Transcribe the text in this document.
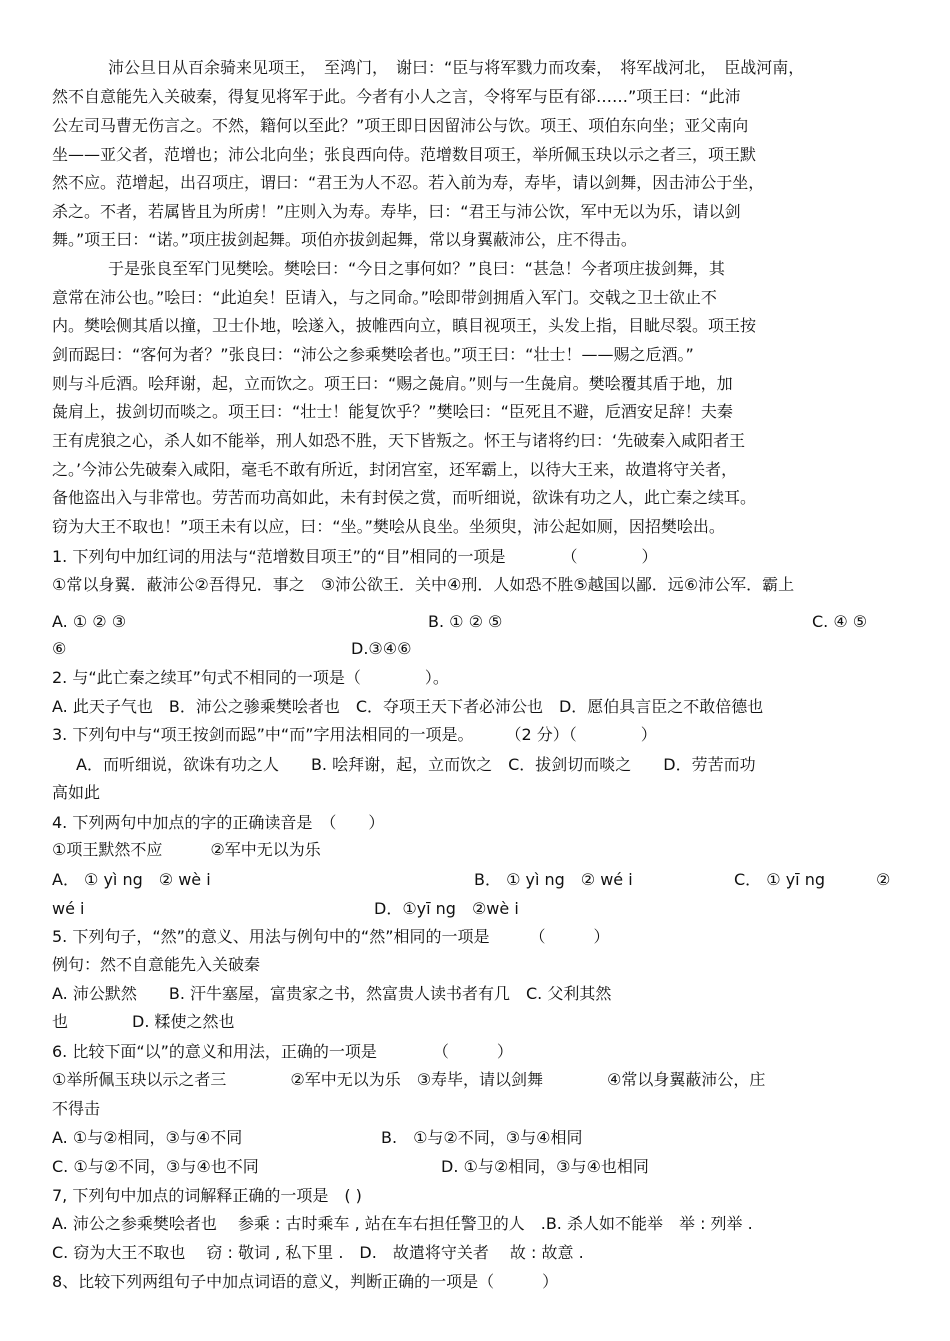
沛公旦日从百余骑来见项王，　至鸿门，　谢曰：“臣与将军戮力而攻秦，　将军战河北，　臣战河南，
然不自意能先入关破秦，得复见将军于此。今者有小人之言，令将军与臣有郤……”项王曰：“此沛
公左司马曹无伤言之。不然，籍何以至此？”项王即日因留沛公与饮。项王、项伯东向坐；亚父南向
坐——亚父者，范增也；沛公北向坐；张良西向侍。范增数目项王，举所佩玉玦以示之者三，项王默
然不应。范增起，出召项庄，谓曰：“君王为人不忍。若入前为寿，寿毕，请以剑舞，因击沛公于坐，
杀之。不者，若属皆且为所虏！”庄则入为寿。寿毕，曰：“君王与沛公饮，军中无以为乐，请以剑
舞。”项王曰：“诺。”项庄拔剑起舞。项伯亦拔剑起舞，常以身翼蔽沛公，庄不得击。
于是张良至军门见樊哙。樊哙曰：“今日之事何如？”良曰：“甚急！今者项庄拔剑舞，其
意常在沛公也。”哙曰：“此迫矣！臣请入，与之同命。”哙即带剑拥盾入军门。交戟之卫士欲止不
内。樊哙侧其盾以撞，卫士仆地，哙遂入，披帷西向立，瞋目视项王，头发上指，目眦尽裂。项王按
剑而跽曰：“客何为者？”张良曰：“沛公之参乘樊哙者也。”项王曰：“壮士！——赐之卮酒。”
则与斗卮酒。哙拜谢，起，立而饮之。项王曰：“赐之彘肩。”则与一生彘肩。樊哙覆其盾于地，加
彘肩上，拔剑切而啖之。项王曰：“壮士！能复饮乎？”樊哙曰：“臣死且不避，卮酒安足辞！夫秦
王有虎狼之心，杀人如不能举，刑人如恐不胜，天下皆叛之。怀王与诸将约曰：‘先破秦入咸阳者王
之。’今沛公先破秦入咸阳，毫毛不敢有所近，封闭宫室，还军霸上，以待大王来，故遣将守关者，
备他盗出入与非常也。劳苦而功高如此，未有封侯之赏，而听细说，欲诛有功之人，此亡秦之续耳。
窃为大王不取也！”项王未有以应，曰：“坐。”樊哙从良坐。坐须臾，沛公起如厕，因招樊哙出。
1. 下列句中加红词的用法与“范增数目项王”的“目”相同的一项是　　　　（　　　　）
①常以身翼．蔽沛公②吾得兄．事之　③沛公欲王．关中④刑．人如恐不胜⑤越国以鄙．远⑥沛公军．霸上
A. ① ② ③	B. ① ② ⑤	C. ④ ⑤
⑥	D.③④⑥
2. 与“此亡秦之续耳”句式不相同的一项是（　　　　）。
A. 此天子气也　B．沛公之骖乘樊哙者也　C．夺项王天下者必沛公也　D．愿伯具言臣之不敢倍德也
3. 下列句中与“项王按剑而跽”中“而”字用法相同的一项是。　　　（2 分）（　　　　）
A．而听细说，欲诛有功之人　　B. 哙拜谢，起，立而饮之　C．拔剑切而啖之　　D．劳苦而功
高如此
4. 下列两句中加点的字的正确读音是　（　　）
①项王默然不应　　　②军中无以为乐
A． ① yì ng　② wè i	B． ① yì ng　② wé i	C． ① yī ng	②
wé i	D．①yī ng　②wè i
5. 下列句子，“然”的意义、用法与例句中的“然”相同的一项是　　　（　　　）
例句：然不自意能先入关破秦
A. 沛公默然　　B. 汗牛塞屋，富贵家之书，然富贵人读书者有几　C. 父利其然
也　　　　D. 糅使之然也
6. 比较下面“以”的意义和用法，正确的一项是　　　　（　　　）
①举所佩玉玦以示之者三　　　　②军中无以为乐　③寿毕，请以剑舞　　　　④常以身翼蔽沛公，庄
不得击
A. ①与②相同，③与④不同	B.　①与②不同，③与④相同
C. ①与②不同，③与④也不同	D. ①与②相同，③与④也相同
7, 下列句中加点的词解释正确的一项是　( )
A. 沛公之参乘樊哙者也　 参乘 : 古时乘车 , 站在车右担任警卫的人　.B. 杀人如不能举　举 : 列举 .
C. 窃为大王不取也　 窃 : 敬词 , 私下里 .　D.　故遣将守关者　 故 : 故意 .
8、比较下列两组句子中加点词语的意义，判断正确的一项是（　　　）
